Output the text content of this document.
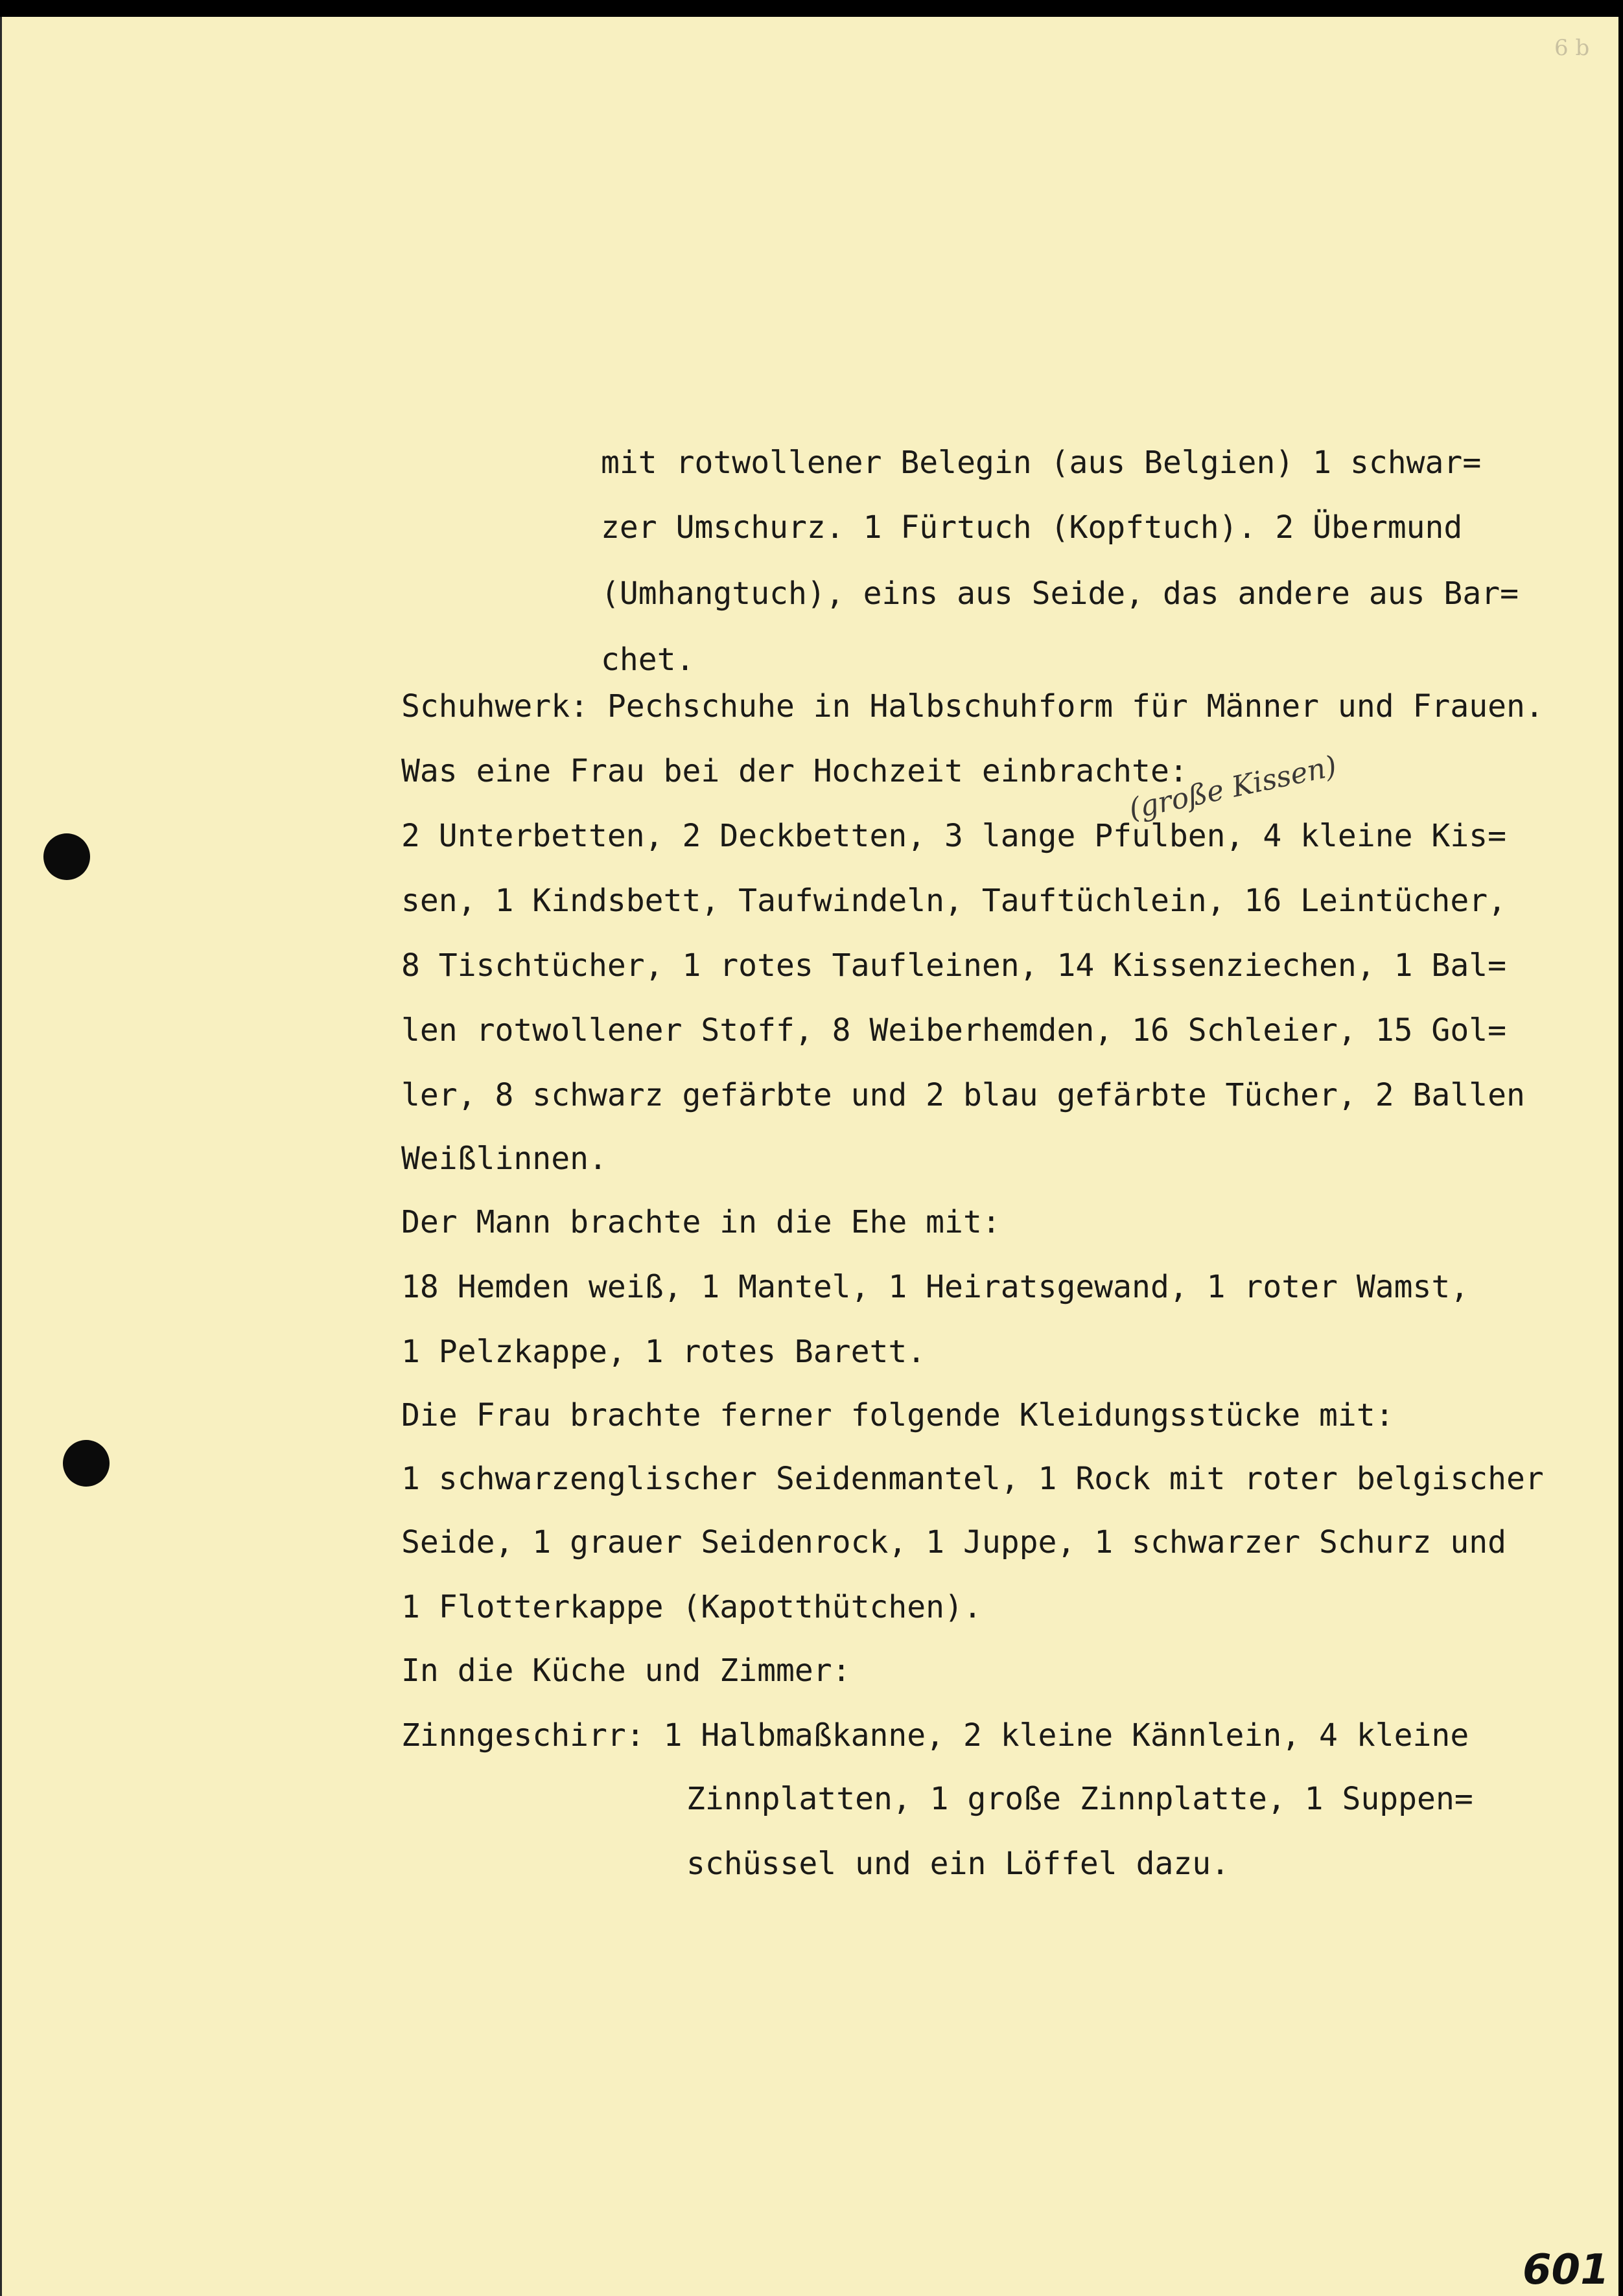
6 b
mit rotwollener Belegin (aus Belgien) 1 schwar=
zer Umschurz. 1 Fürtuch (Kopftuch). 2 Übermund
(Umhangtuch), eins aus Seide, das andere aus Bar=
chet.
Schuhwerk: Pechschuhe in Halbschuhform für Männer und Frauen.
Was eine Frau bei der Hochzeit einbrachte:
(große Kissen)
2 Unterbetten, 2 Deckbetten, 3 lange Pfulben, 4 kleine Kis=
sen, 1 Kindsbett, Taufwindeln, Tauftüchlein, 16 Leintücher,
8 Tischtücher, 1 rotes Taufleinen, 14 Kissenziechen, 1 Bal=
len rotwollener Stoff, 8 Weiberhemden, 16 Schleier, 15 Gol=
ler, 8 schwarz gefärbte und 2 blau gefärbte Tücher, 2 Ballen
Weißlinnen.
Der Mann brachte in die Ehe mit:
18 Hemden weiß, 1 Mantel, 1 Heiratsgewand, 1 roter Wamst,
1 Pelzkappe, 1 rotes Barett.
Die Frau brachte ferner folgende Kleidungsstücke mit:
1 schwarzenglischer Seidenmantel, 1 Rock mit roter belgischer
Seide, 1 grauer Seidenrock, 1 Juppe, 1 schwarzer Schurz und
1 Flotterkappe (Kapotthütchen).
In die Küche und Zimmer:
Zinngeschirr: 1 Halbmaßkanne, 2 kleine Kännlein, 4 kleine
Zinnplatten, 1 große Zinnplatte, 1 Suppen=
schüssel und ein Löffel dazu.
601
